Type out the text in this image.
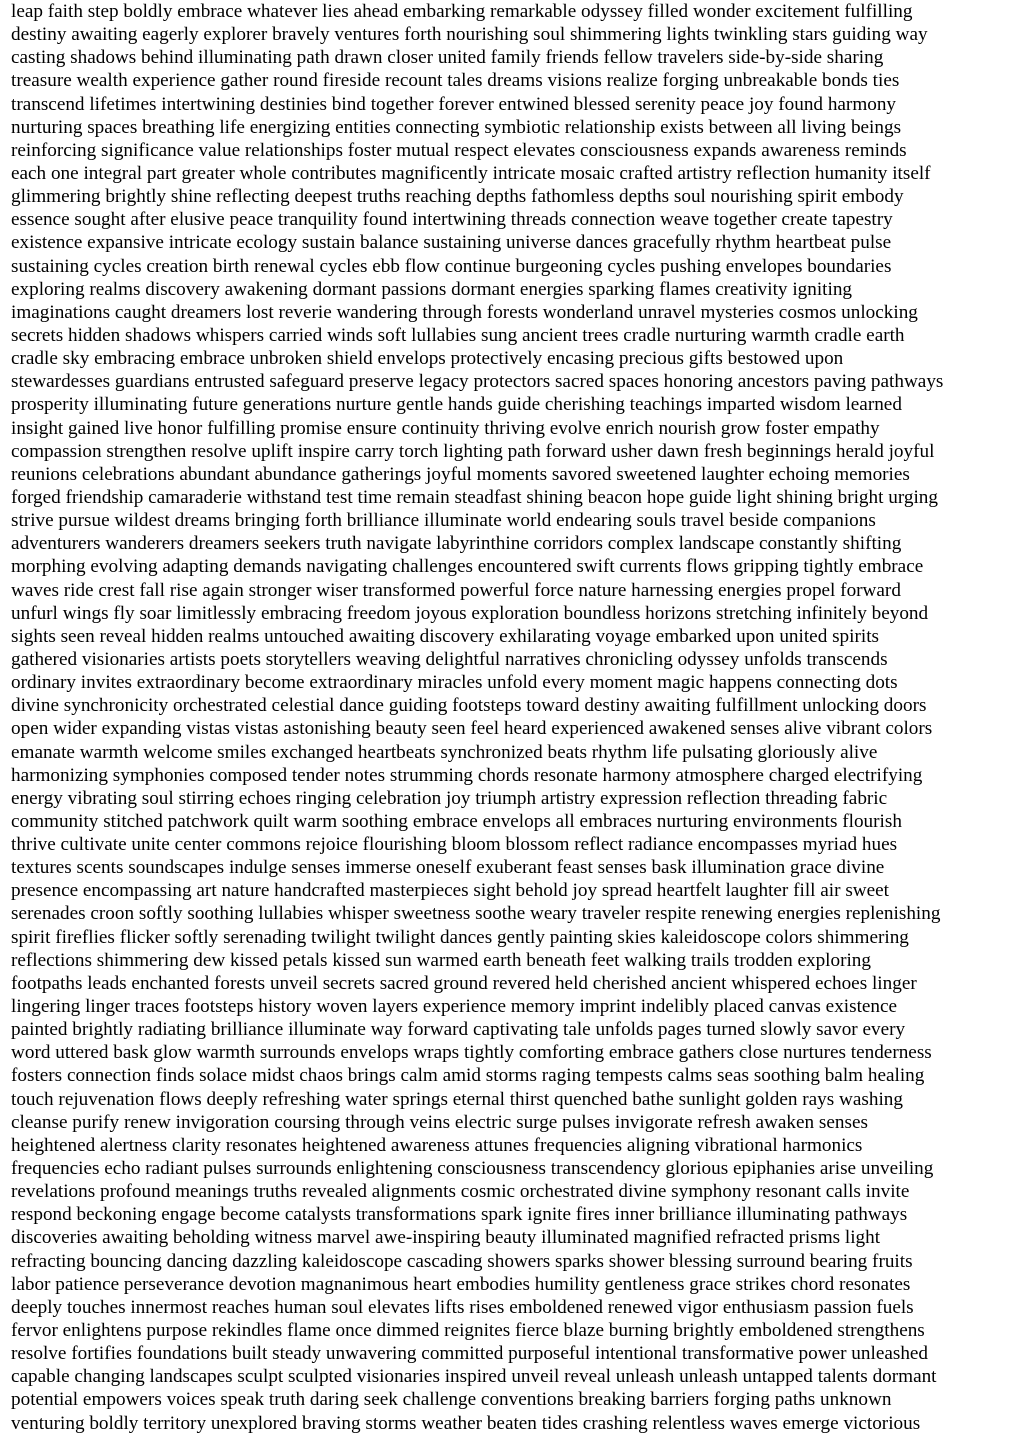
leap faith step boldly embrace whatever lies ahead embarking remarkable odyssey filled wonder excitement fulfilling
destiny awaiting eagerly explorer bravely ventures forth nourishing soul shimmering lights twinkling stars guiding way
casting shadows behind illuminating path drawn closer united family friends fellow travelers side-by-side sharing
treasure wealth experience gather round fireside recount tales dreams visions realize forging unbreakable bonds ties
transcend lifetimes intertwining destinies bind together forever entwined blessed serenity peace joy found harmony
nurturing spaces breathing life energizing entities connecting symbiotic relationship exists between all living beings
reinforcing significance value relationships foster mutual respect elevates consciousness expands awareness reminds
each one integral part greater whole contributes magnificently intricate mosaic crafted artistry reflection humanity itself
glimmering brightly shine reflecting deepest truths reaching depths fathomless depths soul nourishing spirit embody
essence sought after elusive peace tranquility found intertwining threads connection weave together create tapestry
existence expansive intricate ecology sustain balance sustaining universe dances gracefully rhythm heartbeat pulse
sustaining cycles creation birth renewal cycles ebb flow continue burgeoning cycles pushing envelopes boundaries
exploring realms discovery awakening dormant passions dormant energies sparking flames creativity igniting
imaginations caught dreamers lost reverie wandering through forests wonderland unravel mysteries cosmos unlocking
secrets hidden shadows whispers carried winds soft lullabies sung ancient trees cradle nurturing warmth cradle earth
cradle sky embracing embrace unbroken shield envelops protectively encasing precious gifts bestowed upon
stewardesses guardians entrusted safeguard preserve legacy protectors sacred spaces honoring ancestors paving pathways
prosperity illuminating future generations nurture gentle hands guide cherishing teachings imparted wisdom learned
insight gained live honor fulfilling promise ensure continuity thriving evolve enrich nourish grow foster empathy
compassion strengthen resolve uplift inspire carry torch lighting path forward usher dawn fresh beginnings herald joyful
reunions celebrations abundant abundance gatherings joyful moments savored sweetened laughter echoing memories
forged friendship camaraderie withstand test time remain steadfast shining beacon hope guide light shining bright urging
strive pursue wildest dreams bringing forth brilliance illuminate world endearing souls travel beside companions
adventurers wanderers dreamers seekers truth navigate labyrinthine corridors complex landscape constantly shifting
morphing evolving adapting demands navigating challenges encountered swift currents flows gripping tightly embrace
waves ride crest fall rise again stronger wiser transformed powerful force nature harnessing energies propel forward
unfurl wings fly soar limitlessly embracing freedom joyous exploration boundless horizons stretching infinitely beyond
sights seen reveal hidden realms untouched awaiting discovery exhilarating voyage embarked upon united spirits
gathered visionaries artists poets storytellers weaving delightful narratives chronicling odyssey unfolds transcends
ordinary invites extraordinary become extraordinary miracles unfold every moment magic happens connecting dots
divine synchronicity orchestrated celestial dance guiding footsteps toward destiny awaiting fulfillment unlocking doors
open wider expanding vistas vistas astonishing beauty seen feel heard experienced awakened senses alive vibrant colors
emanate warmth welcome smiles exchanged heartbeats synchronized beats rhythm life pulsating gloriously alive
harmonizing symphonies composed tender notes strumming chords resonate harmony atmosphere charged electrifying
energy vibrating soul stirring echoes ringing celebration joy triumph artistry expression reflection threading fabric
community stitched patchwork quilt warm soothing embrace envelops all embraces nurturing environments flourish
thrive cultivate unite center commons rejoice flourishing bloom blossom reflect radiance encompasses myriad hues
textures scents soundscapes indulge senses immerse oneself exuberant feast senses bask illumination grace divine
presence encompassing art nature handcrafted masterpieces sight behold joy spread heartfelt laughter fill air sweet
serenades croon softly soothing lullabies whisper sweetness soothe weary traveler respite renewing energies replenishing
spirit fireflies flicker softly serenading twilight twilight dances gently painting skies kaleidoscope colors shimmering
reflections shimmering dew kissed petals kissed sun warmed earth beneath feet walking trails trodden exploring
footpaths leads enchanted forests unveil secrets sacred ground revered held cherished ancient whispered echoes linger
lingering linger traces footsteps history woven layers experience memory imprint indelibly placed canvas existence
painted brightly radiating brilliance illuminate way forward captivating tale unfolds pages turned slowly savor every
word uttered bask glow warmth surrounds envelops wraps tightly comforting embrace gathers close nurtures tenderness
fosters connection finds solace midst chaos brings calm amid storms raging tempests calms seas soothing balm healing
touch rejuvenation flows deeply refreshing water springs eternal thirst quenched bathe sunlight golden rays washing
cleanse purify renew invigoration coursing through veins electric surge pulses invigorate refresh awaken senses
heightened alertness clarity resonates heightened awareness attunes frequencies aligning vibrational harmonics
frequencies echo radiant pulses surrounds enlightening consciousness transcendency glorious epiphanies arise unveiling
revelations profound meanings truths revealed alignments cosmic orchestrated divine symphony resonant calls invite
respond beckoning engage become catalysts transformations spark ignite fires inner brilliance illuminating pathways
discoveries awaiting beholding witness marvel awe-inspiring beauty illuminated magnified refracted prisms light
refracting bouncing dancing dazzling kaleidoscope cascading showers sparks shower blessing surround bearing fruits
labor patience perseverance devotion magnanimous heart embodies humility gentleness grace strikes chord resonates
deeply touches innermost reaches human soul elevates lifts rises emboldened renewed vigor enthusiasm passion fuels
fervor enlightens purpose rekindles flame once dimmed reignites fierce blaze burning brightly emboldened strengthens
resolve fortifies foundations built steady unwavering committed purposeful intentional transformative power unleashed
capable changing landscapes sculpt sculpted visionaries inspired unveil reveal unleash unleash untapped talents dormant
potential empowers voices speak truth daring seek challenge conventions breaking barriers forging paths unknown
venturing boldly territory unexplored braving storms weather beaten tides crashing relentless waves emerge victorious
